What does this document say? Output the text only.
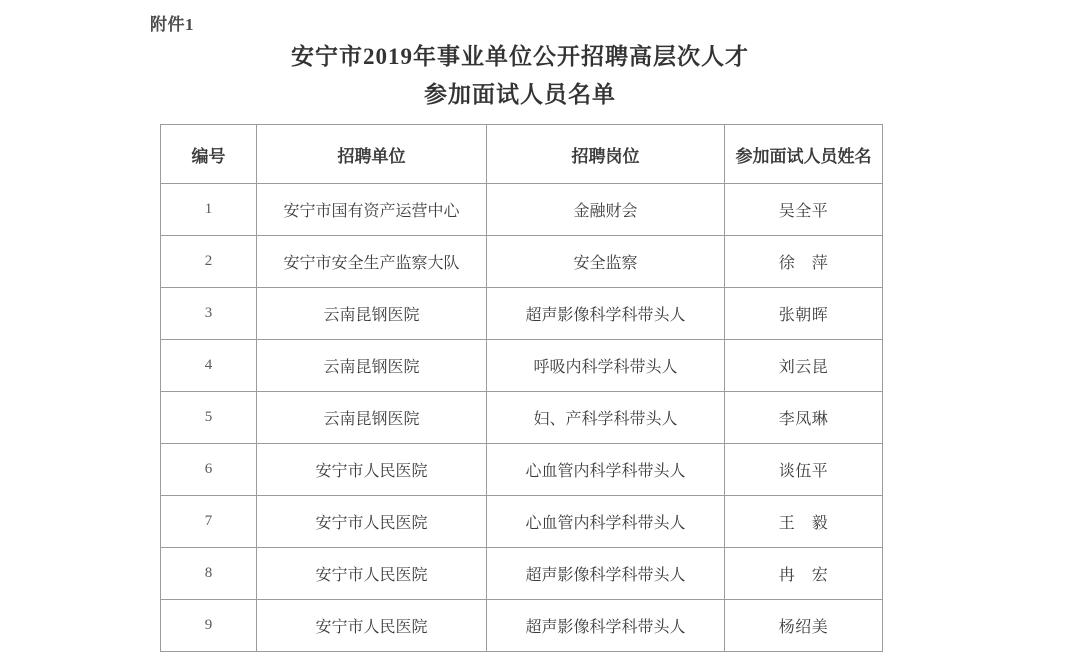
附件1
安宁市2019年事业单位公开招聘高层次人才
参加面试人员名单
编号	招聘单位	招聘岗位	参加面试人员姓名
1	安宁市国有资产运营中心	金融财会	吴全平
2	安宁市安全生产监察大队	安全监察	徐　萍
3	云南昆钢医院	超声影像科学科带头人	张朝晖
4	云南昆钢医院	呼吸内科学科带头人	刘云昆
5	云南昆钢医院	妇、产科学科带头人	李凤琳
6	安宁市人民医院	心血管内科学科带头人	谈伍平
7	安宁市人民医院	心血管内科学科带头人	王　毅
8	安宁市人民医院	超声影像科学科带头人	冉　宏
9	安宁市人民医院	超声影像科学科带头人	杨绍美
